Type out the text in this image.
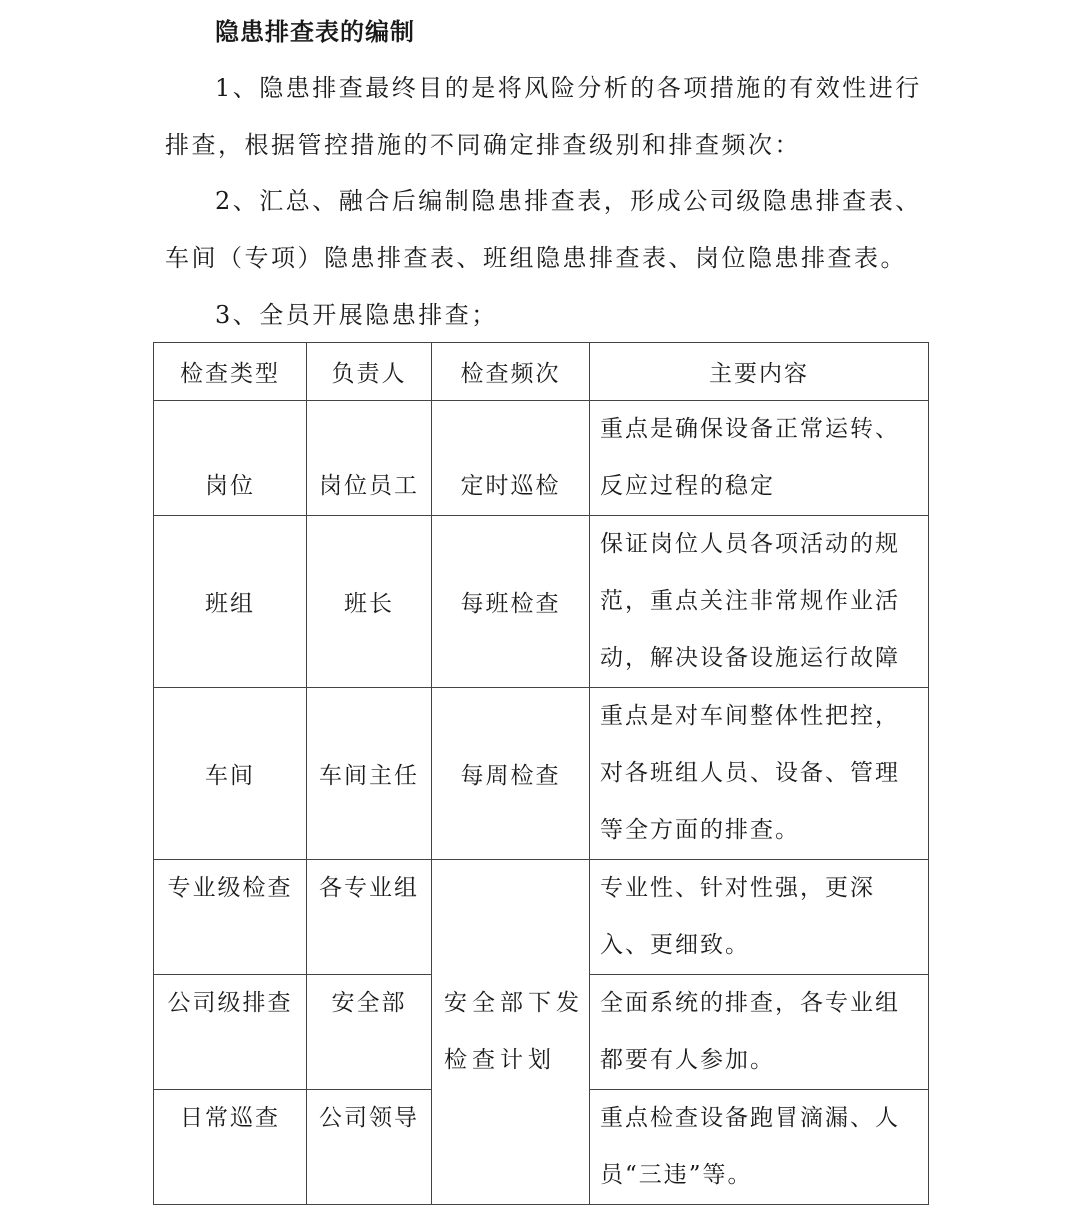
隐患排查表的编制
1、隐患排查最终目的是将风险分析的各项措施的有效性进行排查，根据管控措施的不同确定排查级别和排查频次：
2、汇总、融合后编制隐患排查表，形成公司级隐患排查表、车间（专项）隐患排查表、班组隐患排查表、岗位隐患排查表。
3、全员开展隐患排查；
检查类型	负责人	检查频次	主要内容
岗位	岗位员工	定时巡检	重点是确保设备正常运转、反应过程的稳定
班组	班长	每班检查	保证岗位人员各项活动的规范，重点关注非常规作业活动，解决设备设施运行故障
车间	车间主任	每周检查	重点是对车间整体性把控，对各班组人员、设备、管理等全方面的排查。
专业级检查	各专业组	安全部下发检查计划	专业性、针对性强，更深入、更细致。
公司级排查	安全部		全面系统的排查，各专业组都要有人参加。
日常巡查	公司领导		重点检查设备跑冒滴漏、人员“三违”等。
